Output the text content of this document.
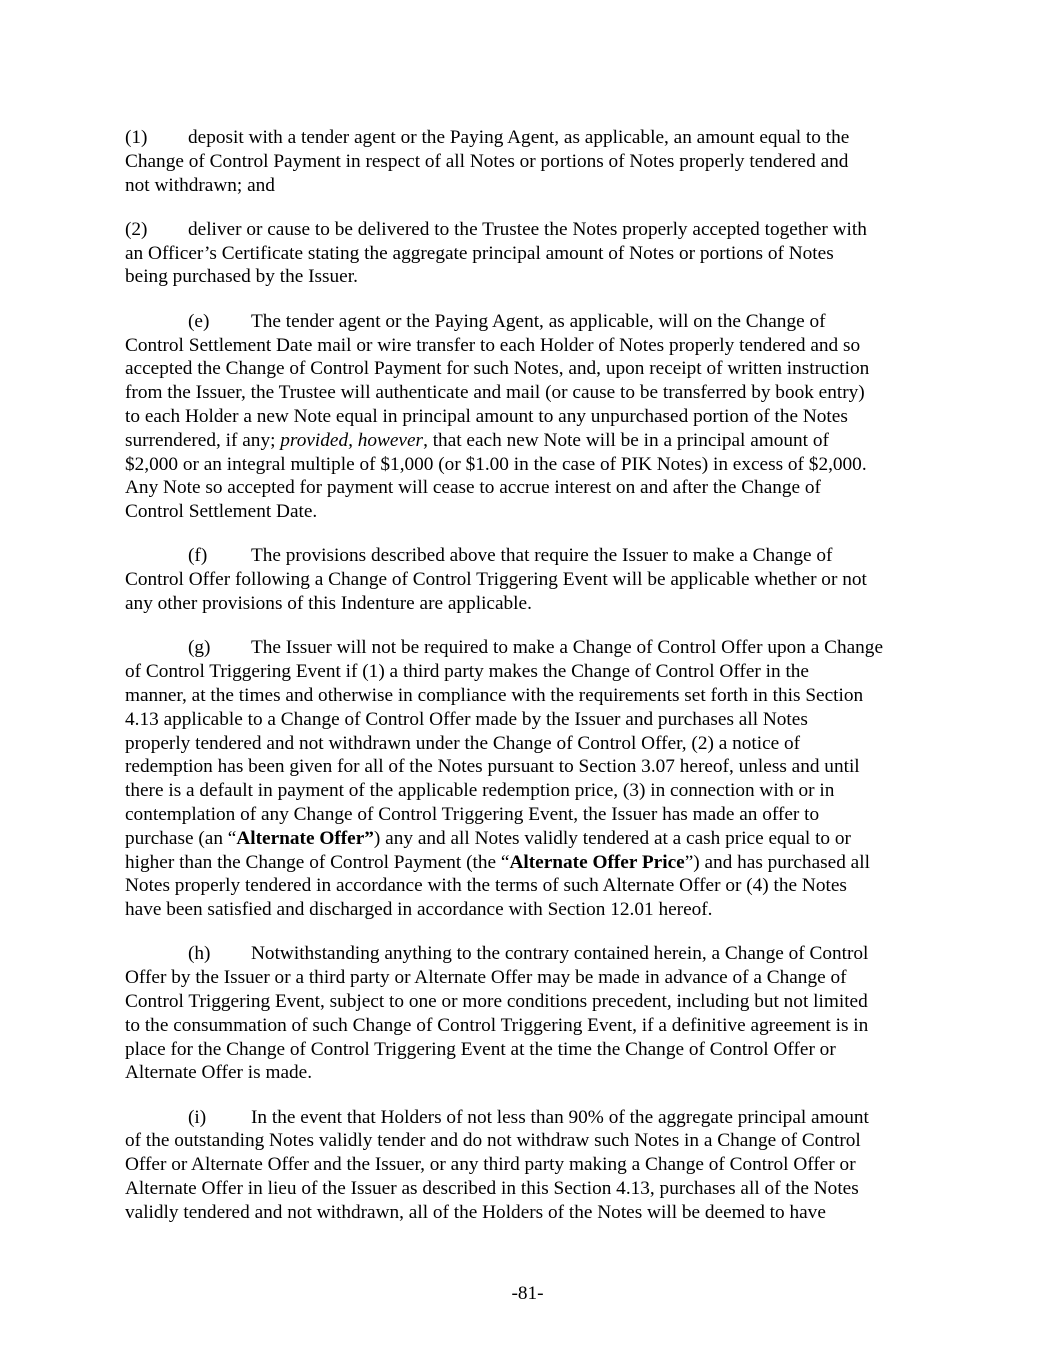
(1) deposit with a tender agent or the Paying Agent, as applicable, an amount equal to the
Change of Control Payment in respect of all Notes or portions of Notes properly tendered and
not withdrawn; and
(2) deliver or cause to be delivered to the Trustee the Notes properly accepted together with
an Officer’s Certificate stating the aggregate principal amount of Notes or portions of Notes
being purchased by the Issuer.
(e) The tender agent or the Paying Agent, as applicable, will on the Change of
Control Settlement Date mail or wire transfer to each Holder of Notes properly tendered and so
accepted the Change of Control Payment for such Notes, and, upon receipt of written instruction
from the Issuer, the Trustee will authenticate and mail (or cause to be transferred by book entry)
to each Holder a new Note equal in principal amount to any unpurchased portion of the Notes
surrendered, if any; provided, however, that each new Note will be in a principal amount of
$2,000 or an integral multiple of $1,000 (or $1.00 in the case of PIK Notes) in excess of $2,000.
Any Note so accepted for payment will cease to accrue interest on and after the Change of
Control Settlement Date.
(f) The provisions described above that require the Issuer to make a Change of
Control Offer following a Change of Control Triggering Event will be applicable whether or not
any other provisions of this Indenture are applicable.
(g) The Issuer will not be required to make a Change of Control Offer upon a Change
of Control Triggering Event if (1) a third party makes the Change of Control Offer in the
manner, at the times and otherwise in compliance with the requirements set forth in this Section
4.13 applicable to a Change of Control Offer made by the Issuer and purchases all Notes
properly tendered and not withdrawn under the Change of Control Offer, (2) a notice of
redemption has been given for all of the Notes pursuant to Section 3.07 hereof, unless and until
there is a default in payment of the applicable redemption price, (3) in connection with or in
contemplation of any Change of Control Triggering Event, the Issuer has made an offer to
purchase (an “Alternate Offer”) any and all Notes validly tendered at a cash price equal to or
higher than the Change of Control Payment (the “Alternate Offer Price”) and has purchased all
Notes properly tendered in accordance with the terms of such Alternate Offer or (4) the Notes
have been satisfied and discharged in accordance with Section 12.01 hereof.
(h) Notwithstanding anything to the contrary contained herein, a Change of Control
Offer by the Issuer or a third party or Alternate Offer may be made in advance of a Change of
Control Triggering Event, subject to one or more conditions precedent, including but not limited
to the consummation of such Change of Control Triggering Event, if a definitive agreement is in
place for the Change of Control Triggering Event at the time the Change of Control Offer or
Alternate Offer is made.
(i) In the event that Holders of not less than 90% of the aggregate principal amount
of the outstanding Notes validly tender and do not withdraw such Notes in a Change of Control
Offer or Alternate Offer and the Issuer, or any third party making a Change of Control Offer or
Alternate Offer in lieu of the Issuer as described in this Section 4.13, purchases all of the Notes
validly tendered and not withdrawn, all of the Holders of the Notes will be deemed to have
-81-
